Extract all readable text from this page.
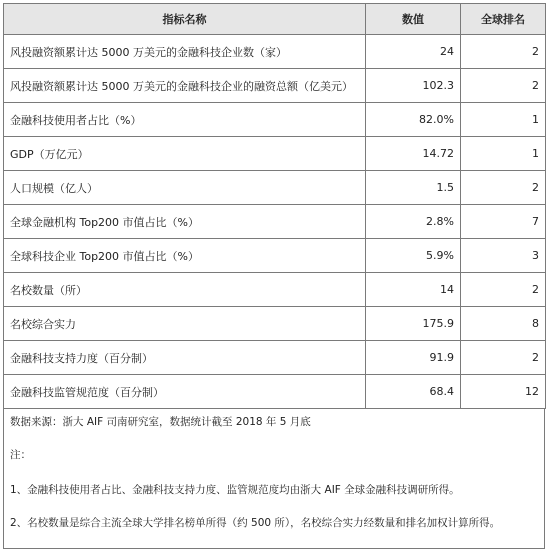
指标名称	数值	全球排名
风投融资额累计达 5000 万美元的金融科技企业数（家）	24	2
风投融资额累计达 5000 万美元的金融科技企业的融资总额（亿美元）	102.3	2
金融科技使用者占比（%）	82.0%	1
GDP（万亿元）	14.72	1
人口规模（亿人）	1.5	2
全球金融机构 Top200 市值占比（%）	2.8%	7
全球科技企业 Top200 市值占比（%）	5.9%	3
名校数量（所）	14	2
名校综合实力	175.9	8
金融科技支持力度（百分制）	91.9	2
金融科技监管规范度（百分制）	68.4	12
数据来源：浙大 AIF 司南研究室，数据统计截至 2018 年 5 月底
注：
1、金融科技使用者占比、金融科技支持力度、监管规范度均由浙大 AIF 全球金融科技调研所得。
2、名校数量是综合主流全球大学排名榜单所得（约 500 所），名校综合实力经数量和排名加权计算所得。
